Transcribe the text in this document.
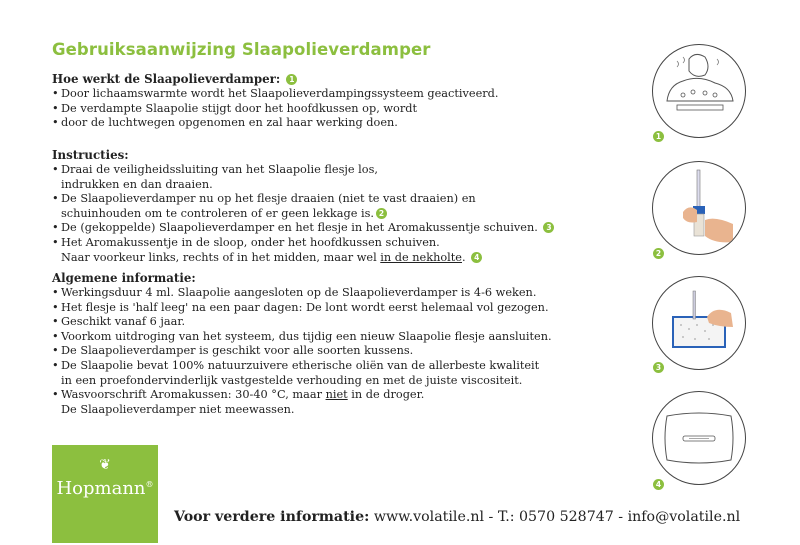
Gebruiksaanwijzing Slaapolieverdamper
Hoe werkt de Slaapolieverdamper: 1
• Door lichaamswarmte wordt het Slaapolieverdampingssysteem geactiveerd.
• De verdampte Slaapolie stijgt door het hoofdkussen op, wordt
• door de luchtwegen opgenomen en zal haar werking doen.
Instructies:
• Draai de veiligheidssluiting van het Slaapolie flesje los,
indrukken en dan draaien.
• De Slaapolieverdamper nu op het flesje draaien (niet te vast draaien) en
schuinhouden om te controleren of er geen lekkage is. 2
• De (gekoppelde) Slaapolieverdamper en het flesje in het Aromakussentje schuiven. 3
• Het Aromakussentje in de sloop, onder het hoofdkussen schuiven.
Naar voorkeur links, rechts of in het midden, maar wel in de nekholte. 4
Algemene informatie:
• Werkingsduur 4 ml. Slaapolie aangesloten op de Slaapolieverdamper is 4-6 weken.
• Het flesje is 'half leeg' na een paar dagen: De lont wordt eerst helemaal vol gezogen.
• Geschikt vanaf 6 jaar.
• Voorkom uitdroging van het systeem, dus tijdig een nieuw Slaapolie flesje aansluiten.
• De Slaapolieverdamper is geschikt voor alle soorten kussens.
• De Slaapolie bevat 100% natuurzuivere etherische oliën van de allerbeste kwaliteit
in een proefondervinderlijk vastgestelde verhouding en met de juiste viscositeit.
• Wasvoorschrift Aromakussen: 30-40 °C, maar niet in de droger.
De Slaapolieverdamper niet meewassen.
❦
Hopmann®
Voor verdere informatie: www.volatile.nl - T.: 0570 528747 - info@volatile.nl
1
2
3
4
